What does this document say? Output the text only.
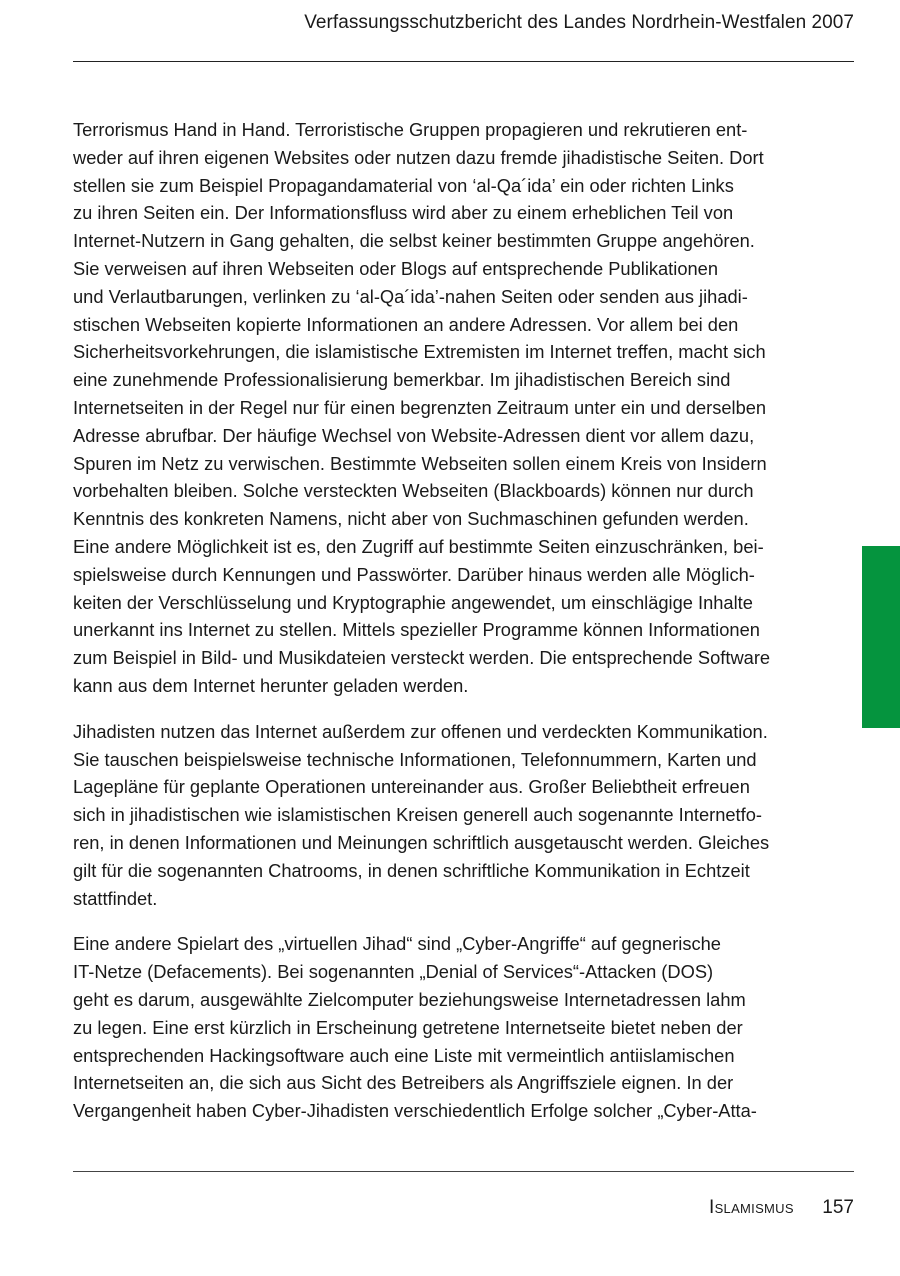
Verfassungsschutzbericht des Landes Nordrhein-Westfalen 2007

Terrorismus Hand in Hand. Terroristische Gruppen propagieren und rekrutieren ent-
weder auf ihren eigenen Websites oder nutzen dazu fremde jihadistische Seiten. Dort
stellen sie zum Beispiel Propagandamaterial von ‘al-Qa´ida’ ein oder richten Links
zu ihren Seiten ein. Der Informationsfluss wird aber zu einem erheblichen Teil von
Internet-Nutzern in Gang gehalten, die selbst keiner bestimmten Gruppe angehören.
Sie verweisen auf ihren Webseiten oder Blogs auf entsprechende Publikationen
und Verlautbarungen, verlinken zu ‘al-Qa´ida’-nahen Seiten oder senden aus jihadi-
stischen Webseiten kopierte Informationen an andere Adressen. Vor allem bei den
Sicherheitsvorkehrungen, die islamistische Extremisten im Internet treffen, macht sich
eine zunehmende Professionalisierung bemerkbar. Im jihadistischen Bereich sind
Internetseiten in der Regel nur für einen begrenzten Zeitraum unter ein und derselben
Adresse abrufbar. Der häufige Wechsel von Website-Adressen dient vor allem dazu,
Spuren im Netz zu verwischen. Bestimmte Webseiten sollen einem Kreis von Insidern
vorbehalten bleiben. Solche versteckten Webseiten (Blackboards) können nur durch
Kenntnis des konkreten Namens, nicht aber von Suchmaschinen gefunden werden.
Eine andere Möglichkeit ist es, den Zugriff auf bestimmte Seiten einzuschränken, bei-
spielsweise durch Kennungen und Passwörter. Darüber hinaus werden alle Möglich-
keiten der Verschlüsselung und Kryptographie angewendet, um einschlägige Inhalte
unerkannt ins Internet zu stellen. Mittels spezieller Programme können Informationen
zum Beispiel in Bild- und Musikdateien versteckt werden. Die entsprechende Software
kann aus dem Internet herunter geladen werden.

Jihadisten nutzen das Internet außerdem zur offenen und verdeckten Kommunikation.
Sie tauschen beispielsweise technische Informationen, Telefonnummern, Karten und
Lagepläne für geplante Operationen untereinander aus. Großer Beliebtheit erfreuen
sich in jihadistischen wie islamistischen Kreisen generell auch sogenannte Internetfo-
ren, in denen Informationen und Meinungen schriftlich ausgetauscht werden. Gleiches
gilt für die sogenannten Chatrooms, in denen schriftliche Kommunikation in Echtzeit
stattfindet.

Eine andere Spielart des „virtuellen Jihad“ sind „Cyber-Angriffe“ auf gegnerische
IT-Netze (Defacements). Bei sogenannten „Denial of Services“-Attacken (DOS)
geht es darum, ausgewählte Zielcomputer beziehungsweise Internetadressen lahm
zu legen. Eine erst kürzlich in Erscheinung getretene Internetseite bietet neben der
entsprechenden Hackingsoftware auch eine Liste mit vermeintlich antiislamischen
Internetseiten an, die sich aus Sicht des Betreibers als Angriffsziele eignen. In der
Vergangenheit haben Cyber-Jihadisten verschiedentlich Erfolge solcher „Cyber-Atta-

Islamismus 157
